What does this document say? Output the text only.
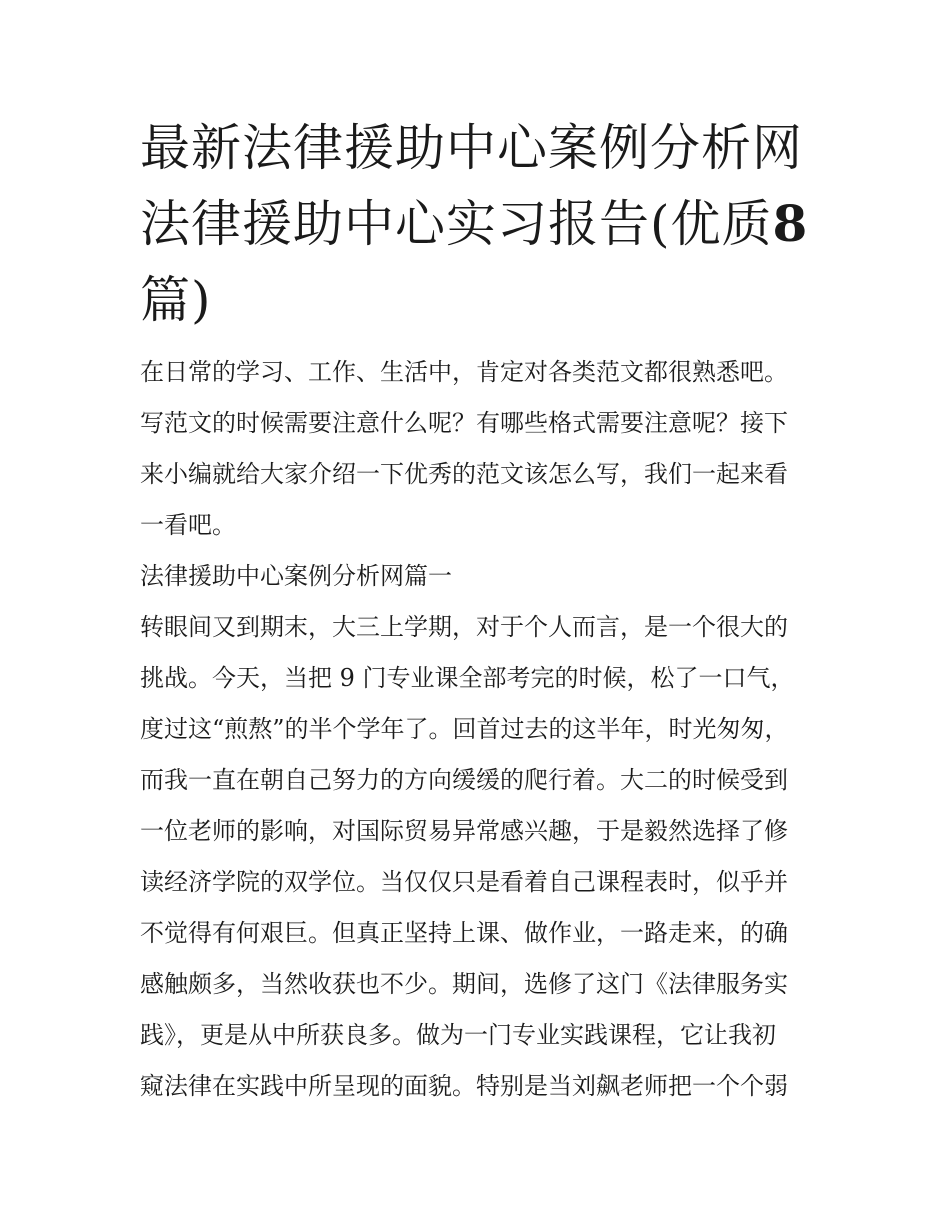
最新法律援助中心案例分析网
法律援助中心实习报告(优质8
篇)

在日常的学习、工作、生活中，肯定对各类范文都很熟悉吧。

写范文的时候需要注意什么呢？有哪些格式需要注意呢？接下

来小编就给大家介绍一下优秀的范文该怎么写，我们一起来看

一看吧。

法律援助中心案例分析网篇一

转眼间又到期末，大三上学期，对于个人而言，是一个很大的

挑战。今天，当把 9 门专业课全部考完的时候，松了一口气，

度过这“煎熬”的半个学年了。回首过去的这半年，时光匆匆，

而我一直在朝自己努力的方向缓缓的爬行着。大二的时候受到

一位老师的影响，对国际贸易异常感兴趣，于是毅然选择了修

读经济学院的双学位。当仅仅只是看着自己课程表时，似乎并

不觉得有何艰巨。但真正坚持上课、做作业，一路走来，的确

感触颇多，当然收获也不少。期间，选修了这门《法律服务实

践》，更是从中所获良多。做为一门专业实践课程，它让我初

窥法律在实践中所呈现的面貌。特别是当刘飙老师把一个个弱
